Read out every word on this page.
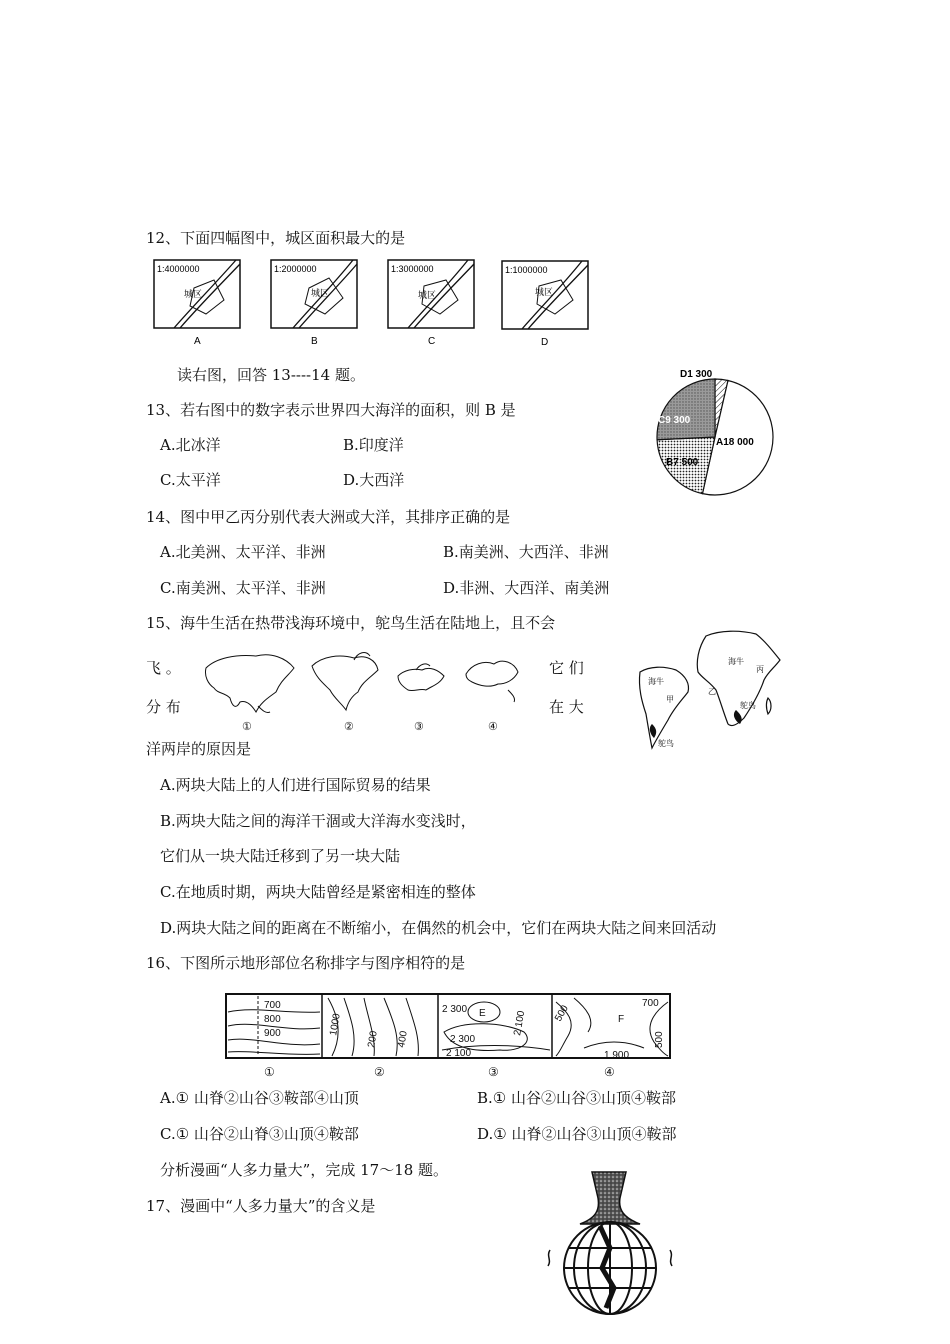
12、下面四幅图中，城区面积最大的是
1:4000000
城区
A
1:2000000
城区
B
1:3000000
城区
C
1:1000000
城区
D
D1 300
C9 300
B7 500
A18 000
读右图，回答 13----14 题。
13、若右图中的数字表示世界四大海洋的面积，则 B 是
A.北冰洋	B.印度洋
C.太平洋	D.大西洋
14、图中甲乙丙分别代表大洲或大洋，其排序正确的是
A.北美洲、太平洋、非洲	B.南美洲、大西洋、非洲
C.南美洲、太平洋、非洲	D.非洲、大西洋、南美洲
15、海牛生活在热带浅海环境中，鸵鸟生活在陆地上，且不会
飞 。	它 们
分 布	在 大
洋两岸的原因是
①	②	③	④
海牛
丙
海牛
甲
乙
鸵鸟
鸵鸟
A.两块大陆上的人们进行国际贸易的结果
B.两块大陆之间的海洋干涸或大洋海水变浅时，
它们从一块大陆迁移到了另一块大陆
C.在地质时期，两块大陆曾经是紧密相连的整体
D.两块大陆之间的距离在不断缩小，在偶然的机会中，它们在两块大陆之间来回活动
16、下图所示地形部位名称排字与图序相符的是
700
800
900	1000
200 400
2 300 E
2 300
2 100
2 100	500	F
700
1 900
500
①	②	③	④
A.① 山脊②山谷③鞍部④山顶	B.① 山谷②山谷③山顶④鞍部
C.① 山谷②山脊③山顶④鞍部	D.① 山脊②山谷③山顶④鞍部
分析漫画“人多力量大”，完成 17～18 题。
17、漫画中“人多力量大”的含义是
